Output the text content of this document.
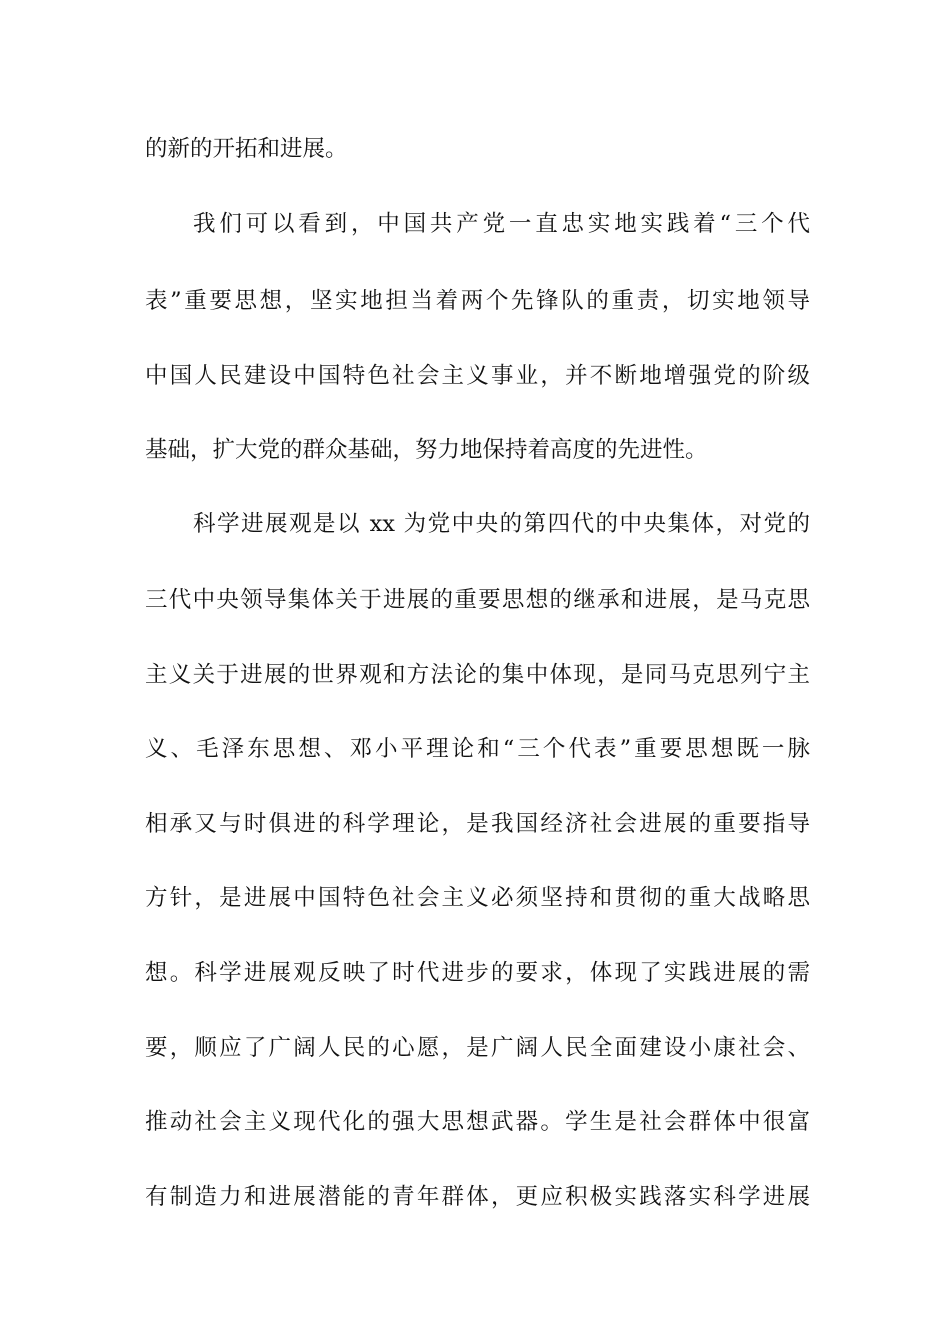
的新的开拓和进展。
我们可以看到，中国共产党一直忠实地实践着“三个代
表”重要思想，坚实地担当着两个先锋队的重责，切实地领导
中国人民建设中国特色社会主义事业，并不断地增强党的阶级
基础，扩大党的群众基础，努力地保持着高度的先进性。
科学进展观是以 xx 为党中央的第四代的中央集体，对党的
三代中央领导集体关于进展的重要思想的继承和进展，是马克思
主义关于进展的世界观和方法论的集中体现，是同马克思列宁主
义、毛泽东思想、邓小平理论和“三个代表”重要思想既一脉
相承又与时俱进的科学理论，是我国经济社会进展的重要指导
方针，是进展中国特色社会主义必须坚持和贯彻的重大战略思
想。科学进展观反映了时代进步的要求，体现了实践进展的需
要，顺应了广阔人民的心愿，是广阔人民全面建设小康社会、
推动社会主义现代化的强大思想武器。学生是社会群体中很富
有制造力和进展潜能的青年群体，更应积极实践落实科学进展
